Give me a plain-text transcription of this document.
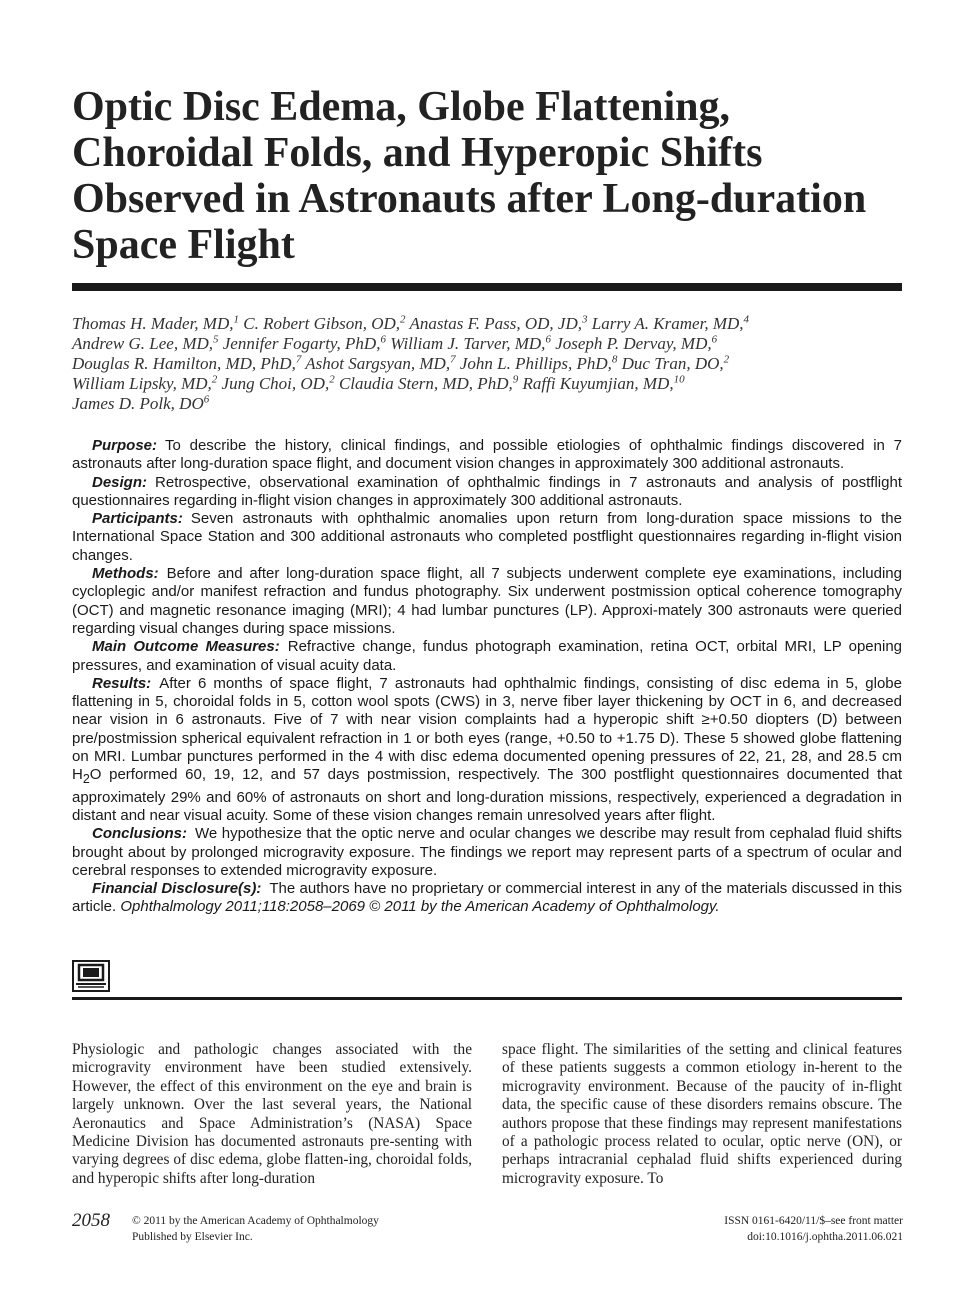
Optic Disc Edema, Globe Flattening,
Choroidal Folds, and Hyperopic Shifts
Observed in Astronauts after Long-duration
Space Flight
Thomas H. Mader, MD,$^1$ C. Robert Gibson, OD,$^2$ Anastas F. Pass, OD, JD,$^3$ Larry A. Kramer, MD,$^4$
Andrew G. Lee, MD,$^5$ Jennifer Fogarty, PhD,$^6$ William J. Tarver, MD,$^6$ Joseph P. Dervay, MD,$^6$
Douglas R. Hamilton, MD, PhD,$^7$ Ashot Sargsyan, MD,$^7$ John L. Phillips, PhD,$^8$ Duc Tran, DO,$^2$
William Lipsky, MD,$^2$ Jung Choi, OD,$^2$ Claudia Stern, MD, PhD,$^9$ Raffi Kuyumjian, MD,$^{10}$
James D. Polk, $DO^6$

Purpose: To describe the history, clinical findings, and possible etiologies of ophthalmic findings discovered in 7 astronauts after long-duration space flight, and document vision changes in approximately 300 additional astronauts.

Design: Retrospective, observational examination of ophthalmic findings in 7 astronauts and analysis of postflight questionnaires regarding in-flight vision changes in approximately 300 additional astronauts.

Participants: Seven astronauts with ophthalmic anomalies upon return from long-duration space missions to the International Space Station and 300 additional astronauts who completed postflight questionnaires regarding in-flight vision changes.

Methods: Before and after long-duration space flight, all 7 subjects underwent complete eye examinations, including cycloplegic and/or manifest refraction and fundus photography. Six underwent postmission optical coherence tomography (OCT) and magnetic resonance imaging (MRI); 4 had lumbar punctures (LP). Approxi-mately 300 astronauts were queried regarding visual changes during space missions.

Main Outcome Measures: Refractive change, fundus photograph examination, retina OCT, orbital MRI, LP opening pressures, and examination of visual acuity data.

Results: After 6 months of space flight, 7 astronauts had ophthalmic findings, consisting of disc edema in 5, globe flattening in 5, choroidal folds in 5, cotton wool spots (CWS) in 3, nerve fiber layer thickening by OCT in 6, and decreased near vision in 6 astronauts. Five of 7 with near vision complaints had a hyperopic shift ≥+0.50 diopters (D) between pre/postmission spherical equivalent refraction in 1 or both eyes (range, +0.50 to +1.75 D). These 5 showed globe flattening on MRI. Lumbar punctures performed in the 4 with disc edema documented opening pressures of 22, 21, 28, and 28.5 cm $H_2O$ performed 60, 19, 12, and 57 days postmission, respectively. The 300 postflight questionnaires documented that approximately 29% and 60% of astronauts on short and long-duration missions, respectively, experienced a degradation in distant and near visual acuity. Some of these vision changes remain unresolved years after flight.

Conclusions: We hypothesize that the optic nerve and ocular changes we describe may result from cephalad fluid shifts brought about by prolonged microgravity exposure. The findings we report may represent parts of a spectrum of ocular and cerebral responses to extended microgravity exposure.

Financial Disclosure(s): The authors have no proprietary or commercial interest in any of the materials discussed in this article. Ophthalmology 2011;118:2058–2069 © 2011 by the American Academy of Ophthalmology.

Physiologic and pathologic changes associated with the microgravity environment have been studied extensively. However, the effect of this environment on the eye and brain is largely unknown. Over the last several years, the National Aeronautics and Space Administration’s (NASA) Space Medicine Division has documented astronauts pre-senting with varying degrees of disc edema, globe flatten-ing, choroidal folds, and hyperopic shifts after long-duration

space flight. The similarities of the setting and clinical features of these patients suggests a common etiology in-herent to the microgravity environment. Because of the paucity of in-flight data, the specific cause of these disorders remains obscure. The authors propose that these findings may represent manifestations of a pathologic process related to ocular, optic nerve (ON), or perhaps intracranial cephalad fluid shifts experienced during microgravity exposure. To

2058 © 2011 by the American Academy of Ophthalmology
Published by Elsevier Inc.
ISSN 0161-6420/11/$–see front matter
doi:10.1016/j.ophtha.2011.06.021
